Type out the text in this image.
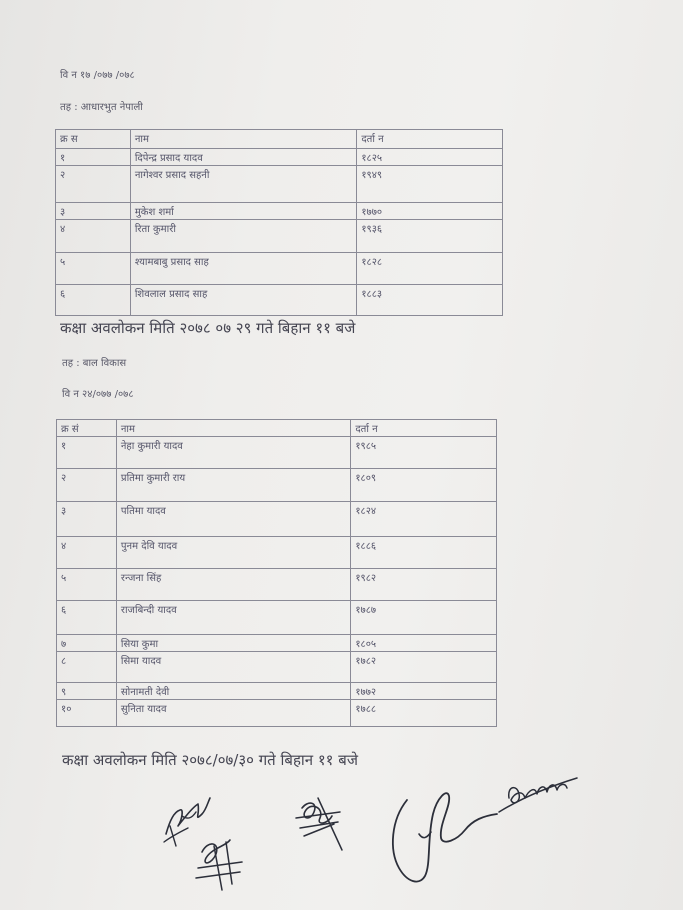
वि न १७ /०७७ /०७८
तह : आधारभुत नेपाली
क्र स	नाम	दर्ता न
१	दिपेन्द्र प्रसाद यादव	१८२५
२	नागेश्वर प्रसाद सहनी	१९४९
३	मुकेश शर्मा	१७७०
४	रिता कुमारी	१९३६
५	श्यामबाबु प्रसाद साह	१८२८
६	शिवलाल प्रसाद साह	१८८३
कक्षा अवलोकन मिति २०७८ ०७ २९ गते बिहान ११ बजे
तह : बाल विकास
वि न २४/०७७ /०७८
क्र सं	नाम	दर्ता न
१	नेहा कुमारी यादव	१९८५
२	प्रतिमा कुमारी राय	१८०९
३	पतिमा यादव	१८२४
४	पुनम देवि यादव	१८८६
५	रन्जना सिंह	१९८२
६	राजबिन्दी यादव	१७८७
७	सिया कुमा	१८०५
८	सिमा यादव	१७८२
९	सोनामती देवी	१७७२
१०	सुनिता यादव	१७८८
कक्षा अवलोकन मिति २०७८/०७/३० गते बिहान ११ बजे
